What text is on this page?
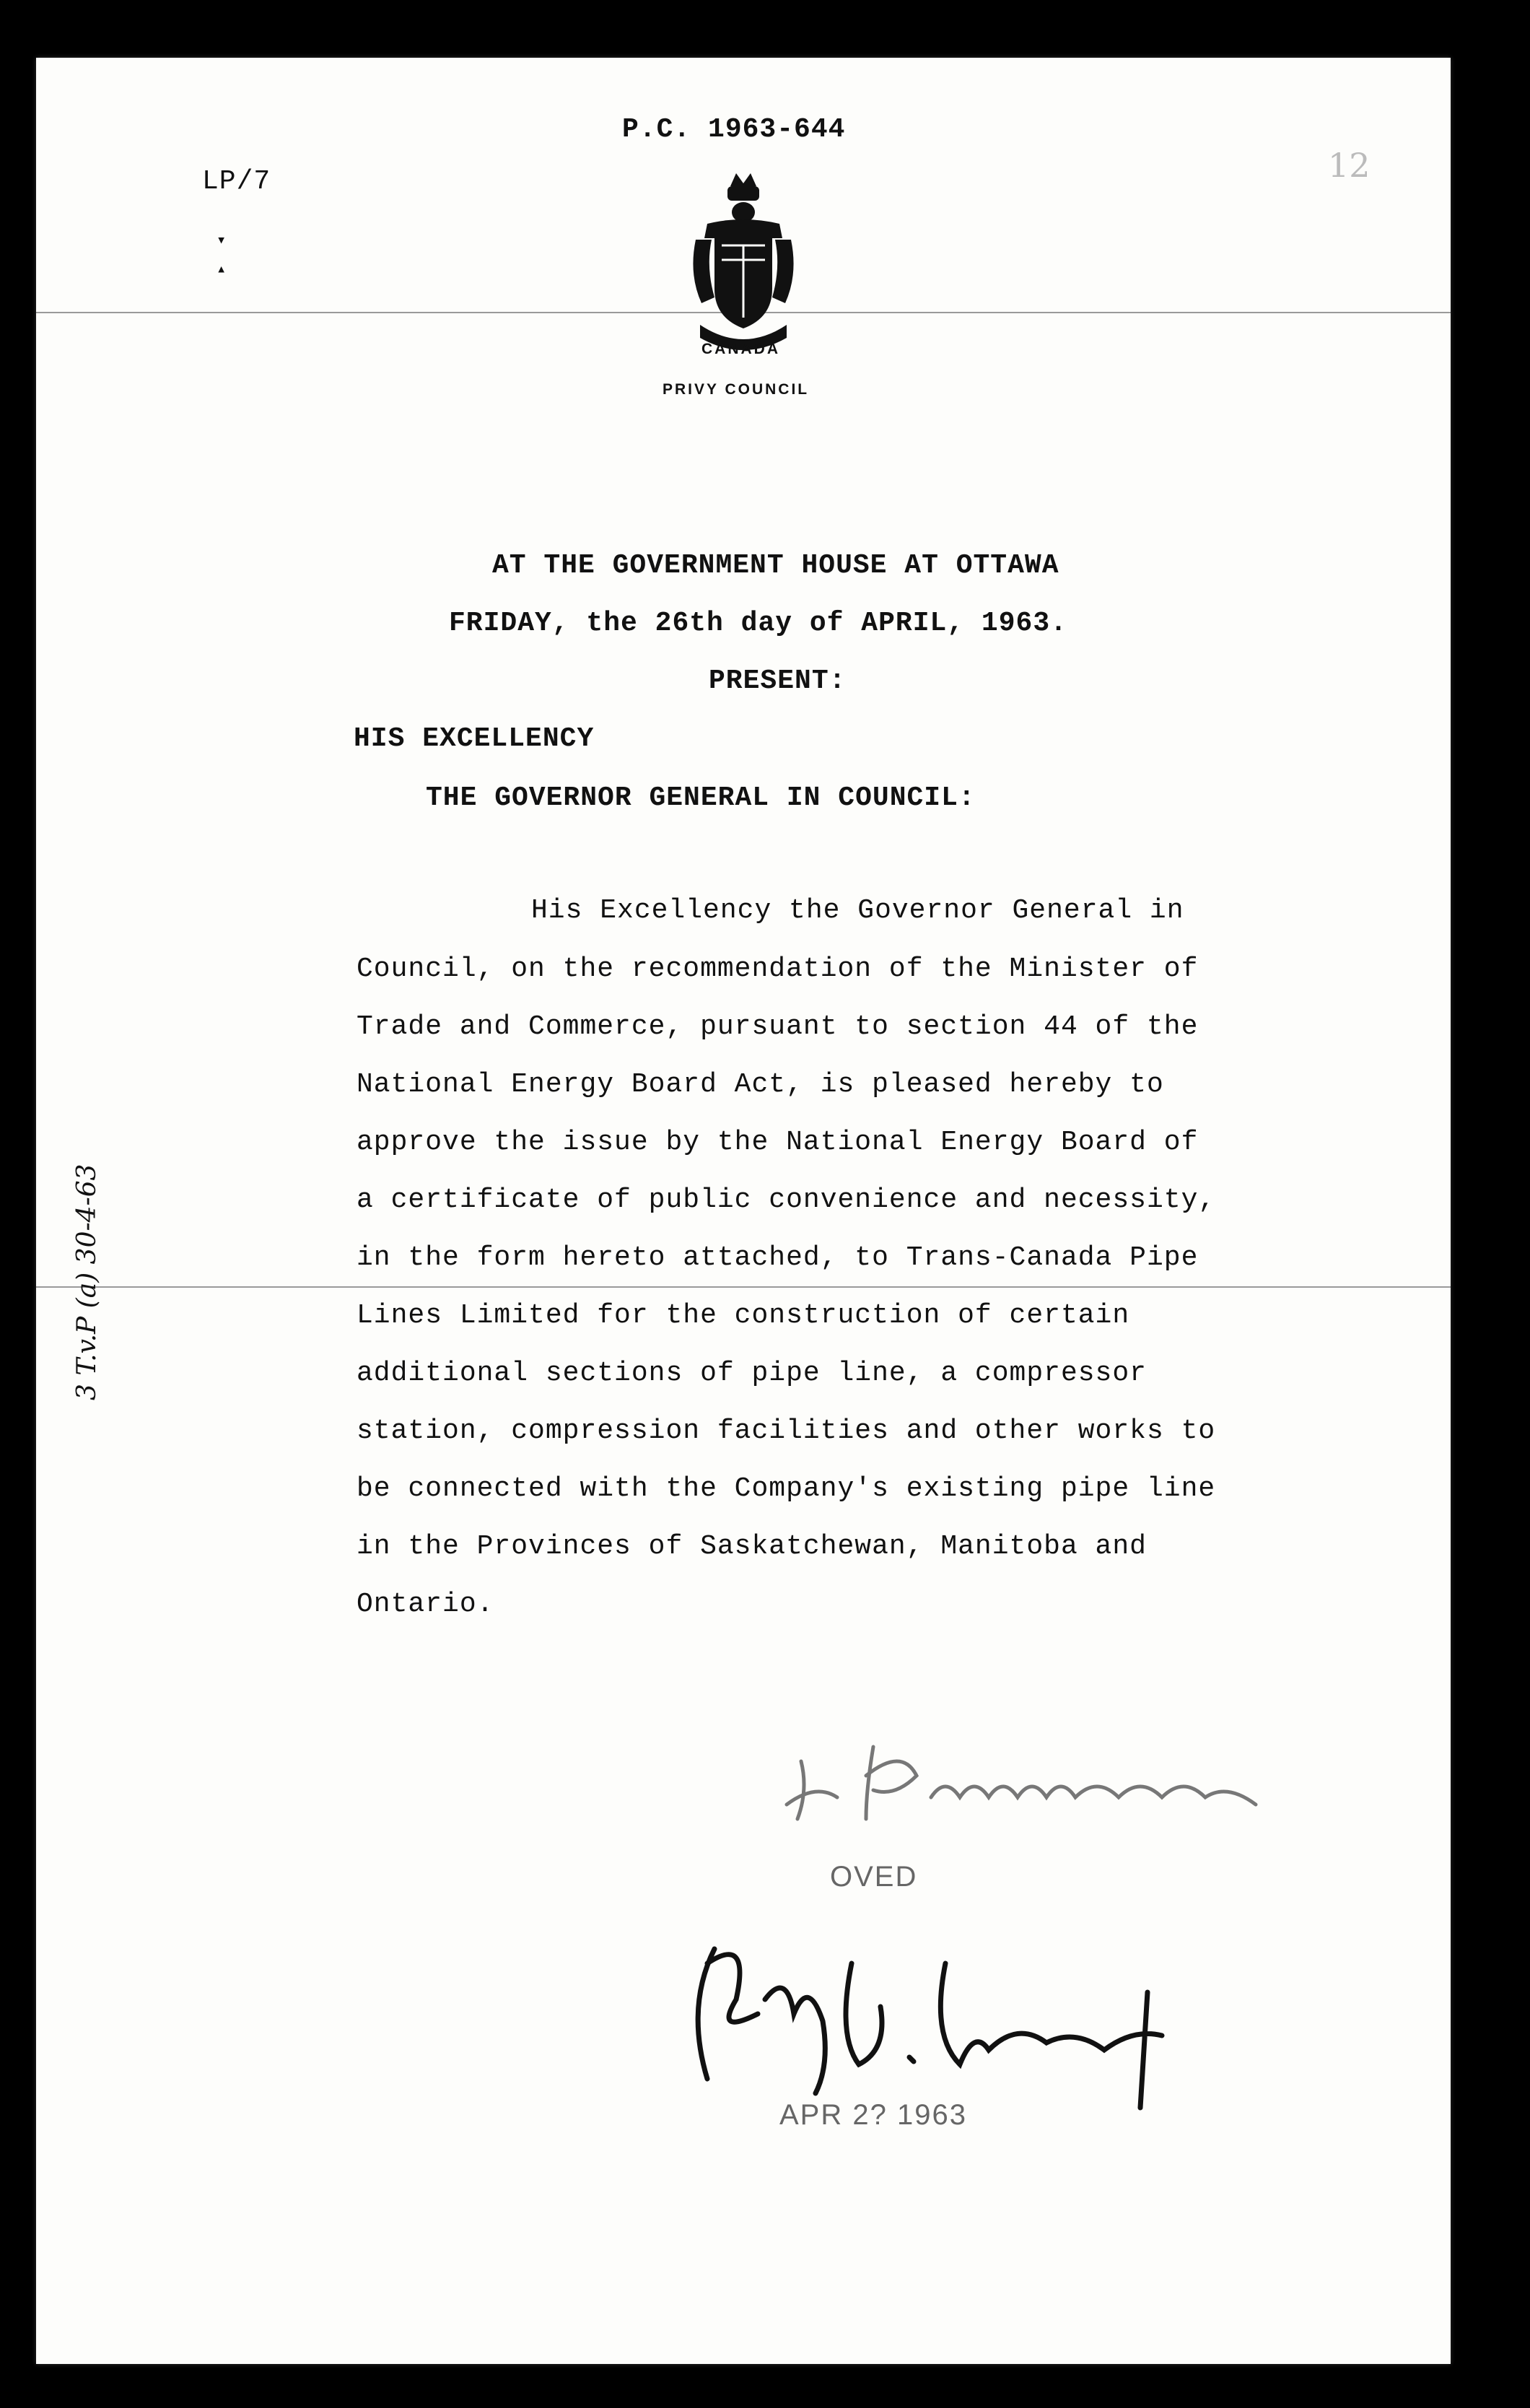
P.C. 1963-644
LP/7	12
▾
▴
CANADA
PRIVY COUNCIL
AT THE GOVERNMENT HOUSE AT OTTAWA
FRIDAY, the 26th day of APRIL, 1963.
PRESENT:
HIS EXCELLENCY
THE GOVERNOR GENERAL IN COUNCIL:
His Excellency the Governor General in
Council, on the recommendation of the Minister of
Trade and Commerce, pursuant to section 44 of the
National Energy Board Act, is pleased hereby to
approve the issue by the National Energy Board of
a certificate of public convenience and necessity,
in the form hereto attached, to Trans-Canada Pipe
Lines Limited for the construction of certain
additional sections of pipe line, a compressor
station, compression facilities and other works to
be connected with the Company's existing pipe line
in the Provinces of Saskatchewan, Manitoba and
Ontario.
3 T.v.P (a) 30-4-63
OVED
APR 2? 1963
